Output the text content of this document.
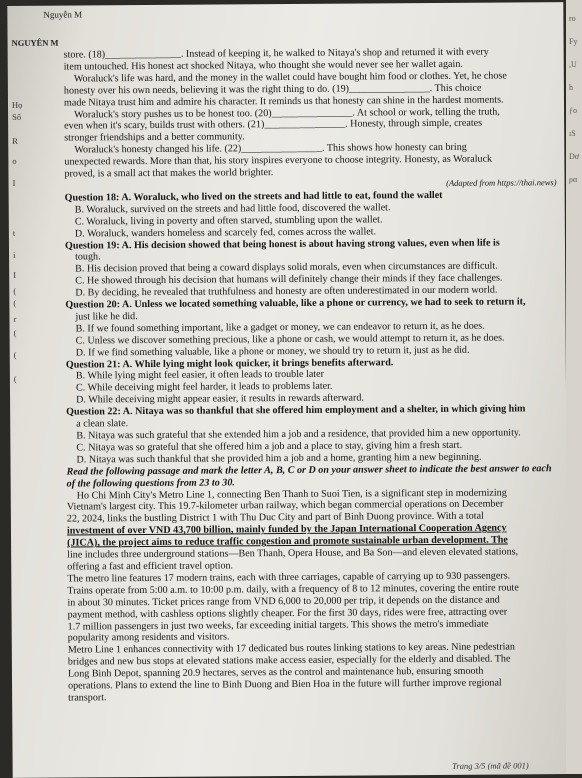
Nguyễn M
NGUYÊN M
Họ
Số
R
o
I
t
i
I
(
(
r
(
(
(

store. (18)_______________. Instead of keeping it, he walked to Nitaya's shop and returned it with every

item untouched. His honest act shocked Nitaya, who thought she would never see her wallet again.

Woraluck's life was hard, and the money in the wallet could have bought him food or clothes. Yet, he chose

honesty over his own needs, believing it was the right thing to do. (19)________________. This choice

made Nitaya trust him and admire his character. It reminds us that honesty can shine in the hardest moments.

Woraluck's story pushes us to be honest too. (20)________________. At school or work, telling the truth,

even when it's scary, builds trust with others. (21)________________. Honesty, through simple, creates

stronger friendships and a better community.

Woraluck's honesty changed his life. (22)________________. This shows how honesty can bring

unexpected rewards. More than that, his story inspires everyone to choose integrity. Honesty, as Woraluck

proved, is a small act that makes the world brighter.

(Adapted from https://thai.news)

Question 18: A. Woraluck, who lived on the streets and had little to eat, found the wallet

B. Woraluck, survived on the streets and had little food, discovered the wallet.

C. Woraluck, living in poverty and often starved, stumbling upon the wallet.

D. Woraluck, wanders homeless and scarcely fed, comes across the wallet.

Question 19: A. His decision showed that being honest is about having strong values, even when life is

tough.

B. His decision proved that being a coward displays solid morals, even when circumstances are difficult.

C. He showed through his decision that humans will definitely change their minds if they face challenges.

D. By deciding, he revealed that truthfulness and honesty are often underestimated in our modern world.

Question 20: A. Unless we located something valuable, like a phone or currency, we had to seek to return it,

just like he did.

B. If we found something important, like a gadget or money, we can endeavor to return it, as he does.

C. Unless we discover something precious, like a phone or cash, we would attempt to return it, as he does.

D. If we find something valuable, like a phone or money, we should try to return it, just as he did.

Question 21: A. While lying might look quicker, it brings benefits afterward.

B. While lying might feel easier, it often leads to trouble later

C. While deceiving might feel harder, it leads to problems later.

D. While deceiving might appear easier, it results in rewards afterward.

Question 22: A. Nitaya was so thankful that she offered him employment and a shelter, in which giving him

a clean slate.

B. Nitaya was such grateful that she extended him a job and a residence, that provided him a new opportunity.

C. Nitaya was so grateful that she offered him a job and a place to stay, giving him a fresh start.

D. Nitaya was such thankful that she provided him a job and a home, granting him a new beginning.

Read the following passage and mark the letter A, B, C or D on your answer sheet to indicate the best answer to each of the following questions from 23 to 30.

Ho Chi Minh City's Metro Line 1, connecting Ben Thanh to Suoi Tien, is a significant step in modernizing

Vietnam's largest city. This 19.7-kilometer urban railway, which began commercial operations on December

22, 2024, links the bustling District 1 with Thu Duc City and part of Binh Duong province. With a total

investment of over VND 43,700 billion, mainly funded by the Japan International Cooperation Agency

(JICA), the project aims to reduce traffic congestion and promote sustainable urban development. The

line includes three underground stations—Ben Thanh, Opera House, and Ba Son—and eleven elevated stations,

offering a fast and efficient travel option.

The metro line features 17 modern trains, each with three carriages, capable of carrying up to 930 passengers.

Trains operate from 5:00 a.m. to 10:00 p.m. daily, with a frequency of 8 to 12 minutes, covering the entire route

in about 30 minutes. Ticket prices range from VND 6,000 to 20,000 per trip, it depends on the distance and

payment method, with cashless options slightly cheaper. For the first 30 days, rides were free, attracting over

1.7 million passengers in just two weeks, far exceeding initial targets. This shows the metro's immediate

popularity among residents and visitors.

Metro Line 1 enhances connectivity with 17 dedicated bus routes linking stations to key areas. Nine pedestrian

bridges and new bus stops at elevated stations make access easier, especially for the elderly and disabled. The

Long Binh Depot, spanning 20.9 hectares, serves as the control and maintenance hub, ensuring smooth

operations. Plans to extend the line to Binh Duong and Bien Hoa in the future will further improve regional

transport.

Trang 3/5 (mã đề 001)
ro
Fy
,U
h
ƒo
ıS
Dơ
ρα
